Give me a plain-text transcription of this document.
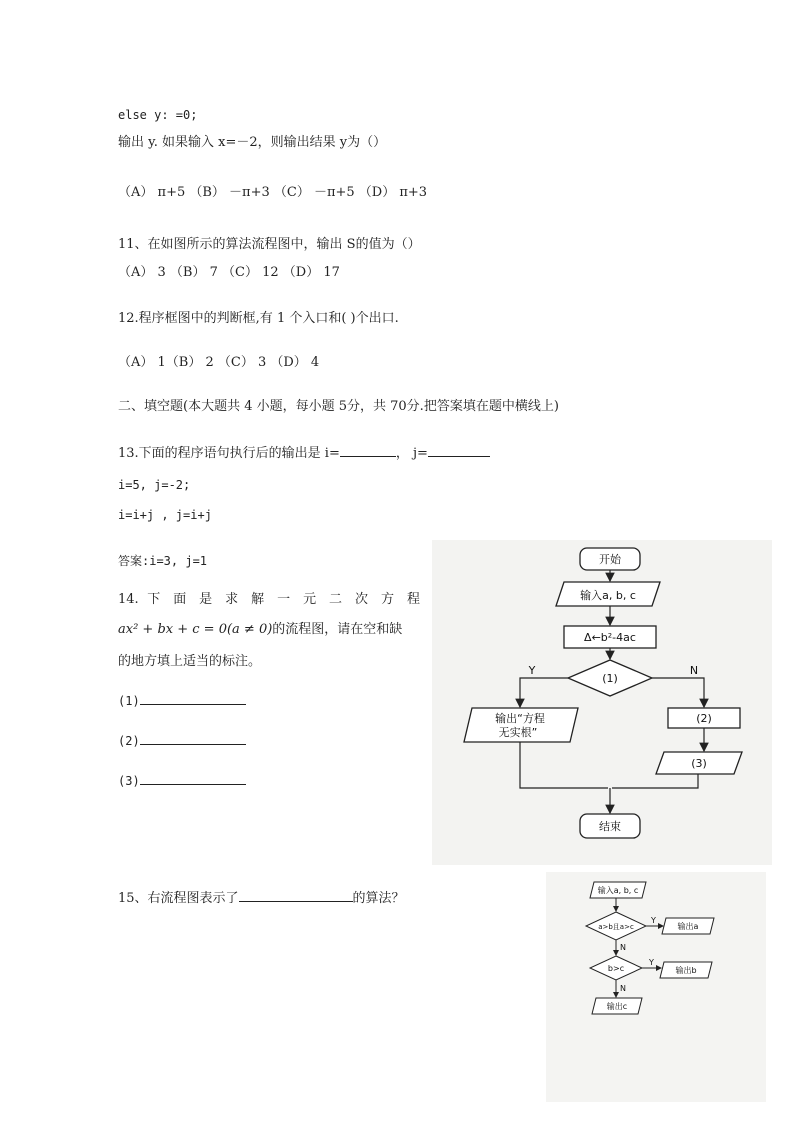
else y: =0;
输出 y. 如果输入 x=－2，则输出结果 y为（）
（A） π+5 （B） －π+3 （C） －π+5 （D） π+3
11、在如图所示的算法流程图中，输出 S的值为（）
（A） 3 （B） 7 （C） 12 （D） 17
12.程序框图中的判断框,有 1 个入口和( )个出口.
（A） 1（B） 2 （C） 3 （D） 4
二、填空题(本大题共 4 小题，每小题 5分，共 70分.把答案填在题中横线上)
13.下面的程序语句执行后的输出是 i=	， j=
i=5, j=-2;
i=i+j , j=i+j
答案:i=3, j=1
14. 下 面 是 求 解 一 元 二 次 方 程
ax² + bx + c = 0(a ≠ 0)的流程图，请在空和缺
的地方填上适当的标注。
(1)
(2)
(3)
开始
输入a, b, c
Δ←b²-4ac
(1)
Y	N
输出“方程
无实根”
(2)
(3)
结束
15、右流程图表示了	的算法？
输入a, b, c
a>b且a>c
Y
N
输出a
b>c
Y
N
输出b
输出c
